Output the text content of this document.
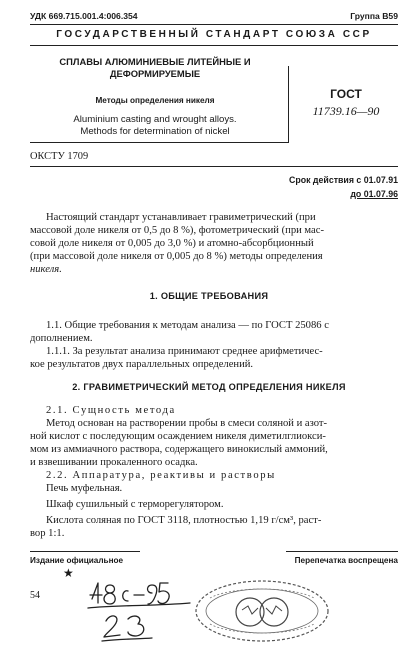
УДК 669.715.001.4:006.354	Группа В59
ГОСУДАРСТВЕННЫЙ СТАНДАРТ СОЮЗА ССР
СПЛАВЫ АЛЮМИНИЕВЫЕ ЛИТЕЙНЫЕ И
ДЕФОРМИРУЕМЫЕ
Методы определения никеля
Aluminium casting and wrought alloys.
Methods for determination of nickel
ГОСТ
11739.16—90
ОКСТУ 1709
Срок действия с 01.07.91
до 01.07.96
Настоящий стандарт устанавливает гравиметрический (при
массовой доле никеля от 0,5 до 8 %), фотометрический (при мас-
совой доле никеля от 0,005 до 3,0 %) и атомно-абсорбционный
(при массовой доле никеля от 0,005 до 8 %) методы определения
никеля.
1. ОБЩИЕ ТРЕБОВАНИЯ
1.1. Общие требования к методам анализа — по ГОСТ 25086 с
дополнением.
1.1.1. За результат анализа принимают среднее арифметичес-
кое результатов двух параллельных определений.
2. ГРАВИМЕТРИЧЕСКИЙ МЕТОД ОПРЕДЕЛЕНИЯ НИКЕЛЯ
2.1. Сущность метода
Метод основан на растворении пробы в смеси соляной и азот-
ной кислот с последующим осаждением никеля диметилглиокси-
мом из аммиачного раствора, содержащего винокислый аммоний,
и взвешивании прокаленного осадка.
2.2. Аппаратура, реактивы и растворы
Печь муфельная.
Шкаф сушильный с терморегулятором.
Кислота соляная по ГОСТ 3118, плотностью 1,19 г/см³, раст-
вор 1:1.
Издание официальное	Перепечатка воспрещена
★
54
